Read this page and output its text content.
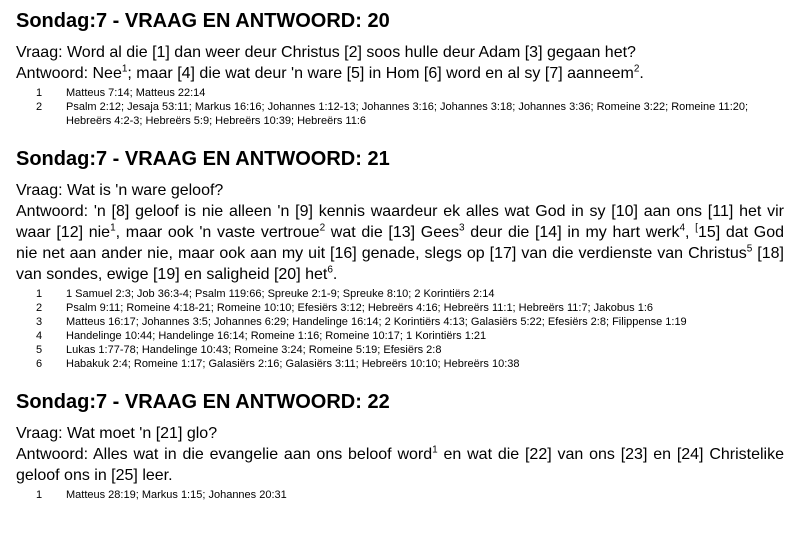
Sondag:7 - VRAAG EN ANTWOORD: 20

Vraag: Word al die [1] dan weer deur Christus [2] soos hulle deur Adam [3] gegaan het?

Antwoord: Nee$^1$; maar [4] die wat deur 'n ware [5] in Hom [6] word en al sy [7] aanneem$^2$.

1	Matteus 7:14; Matteus 22:14
2	Psalm 2:12; Jesaja 53:11; Markus 16:16; Johannes 1:12-13; Johannes 3:16; Johannes 3:18; Johannes 3:36; Romeine 3:22; Romeine 11:20; Hebreërs 4:2-3; Hebreërs 5:9; Hebreërs 10:39; Hebreërs 11:6
Sondag:7 - VRAAG EN ANTWOORD: 21

Vraag: Wat is 'n ware geloof?

Antwoord: 'n [8] geloof is nie alleen 'n [9] kennis waardeur ek alles wat God in sy [10] aan ons [11] het vir waar [12] nie$^1$, maar ook 'n vaste vertroue$^2$ wat die [13] Gees$^3$ deur die [14] in my hart werk$^4$, [15] dat God nie net aan ander nie, maar ook aan my uit [16] genade, slegs op [17] van die verdienste van Christus$^5$ [18] van sondes, ewige [19] en saligheid [20] het$^6$.

1	1 Samuel 2:3; Job 36:3-4; Psalm 119:66; Spreuke 2:1-9; Spreuke 8:10; 2 Korintiërs 2:14
2	Psalm 9:11; Romeine 4:18-21; Romeine 10:10; Efesiërs 3:12; Hebreërs 4:16; Hebreërs 11:1; Hebreërs 11:7; Jakobus 1:6
3	Matteus 16:17; Johannes 3:5; Johannes 6:29; Handelinge 16:14; 2 Korintiërs 4:13; Galasiërs 5:22; Efesiërs 2:8; Filippense 1:19
4	Handelinge 10:44; Handelinge 16:14; Romeine 1:16; Romeine 10:17; 1 Korintiërs 1:21
5	Lukas 1:77-78; Handelinge 10:43; Romeine 3:24; Romeine 5:19; Efesiërs 2:8
6	Habakuk 2:4; Romeine 1:17; Galasiërs 2:16; Galasiërs 3:11; Hebreërs 10:10; Hebreërs 10:38
Sondag:7 - VRAAG EN ANTWOORD: 22

Vraag: Wat moet 'n [21] glo?

Antwoord: Alles wat in die evangelie aan ons beloof word$^1$ en wat die [22] van ons [23] en [24] Christelike geloof ons in [25] leer.

1	Matteus 28:19; Markus 1:15; Johannes 20:31
